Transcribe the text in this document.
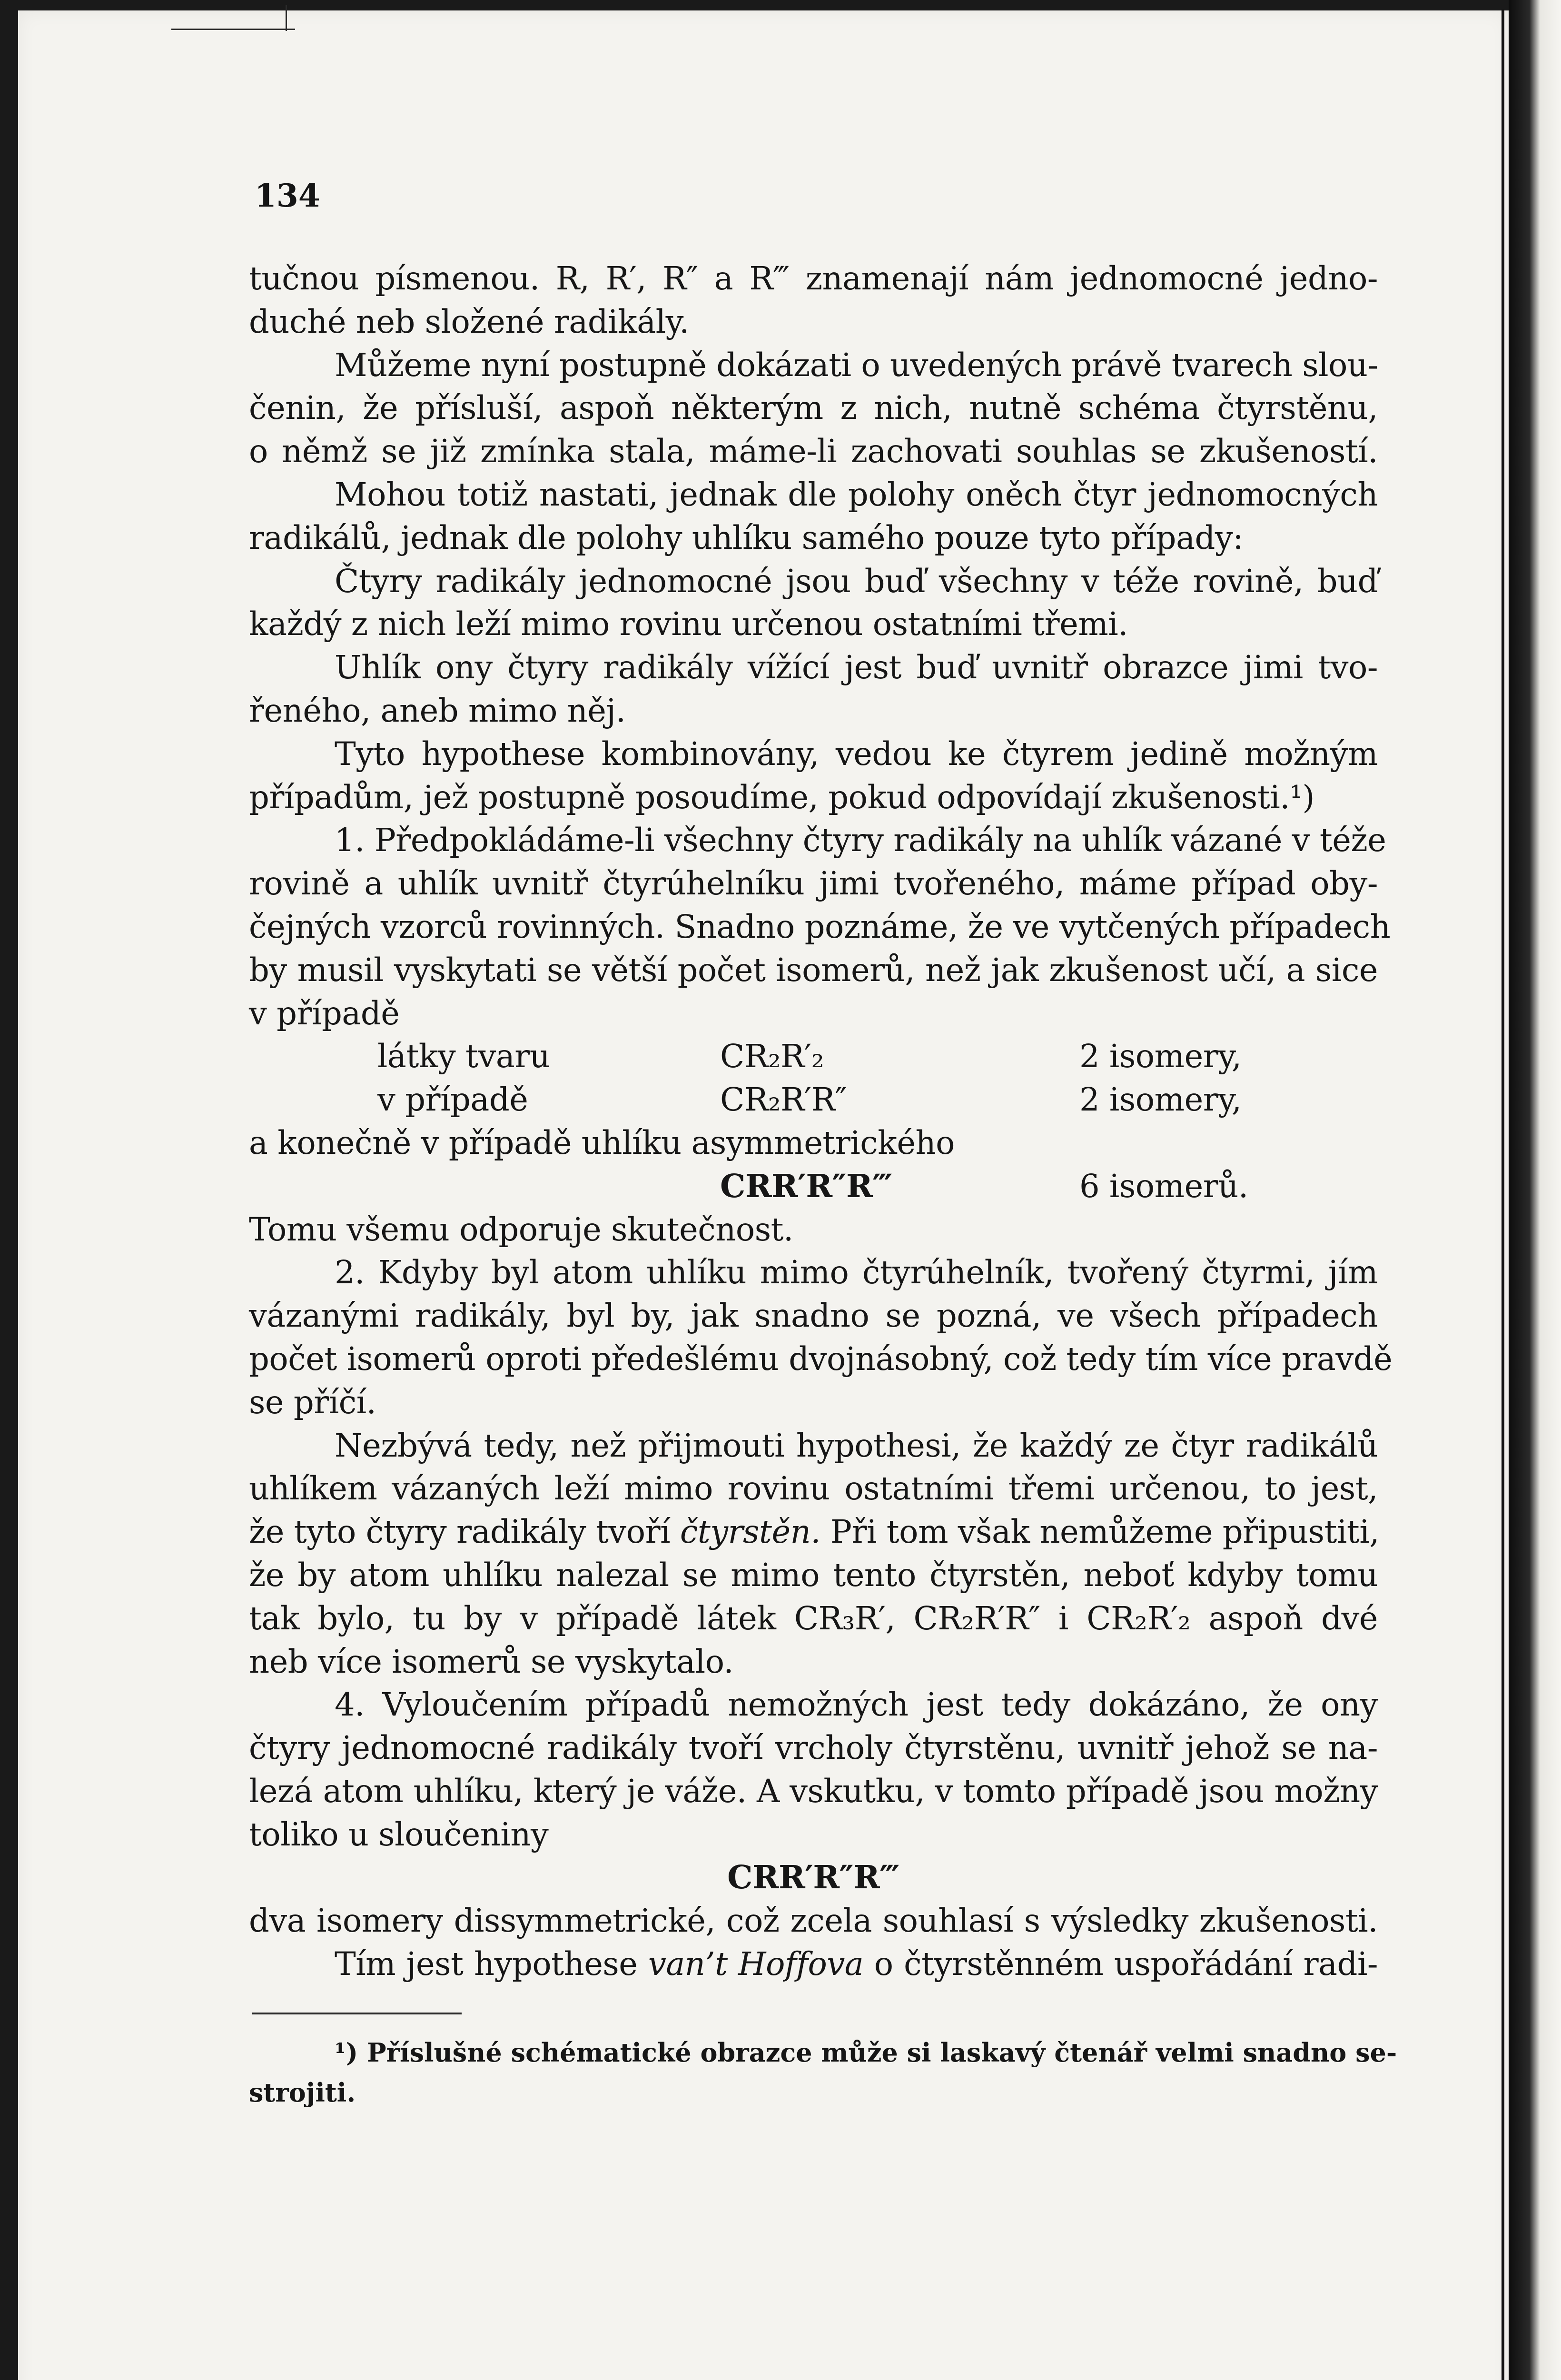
134
tučnou písmenou. R, R′, R″ a R‴ znamenají nám jednomocné jedno-
duché neb složené radikály.
Můžeme nyní postupně dokázati o uvedených právě tvarech slou-
čenin, že přísluší, aspoň některým z nich, nutně schéma čtyrstěnu,
o němž se již zmínka stala, máme-li zachovati souhlas se zkušeností.
Mohou totiž nastati, jednak dle polohy oněch čtyr jednomocných
radikálů, jednak dle polohy uhlíku samého pouze tyto případy:
Čtyry radikály jednomocné jsou buď všechny v téže rovině, buď
každý z nich leží mimo rovinu určenou ostatními třemi.
Uhlík ony čtyry radikály vížící jest buď uvnitř obrazce jimi tvo-
řeného, aneb mimo něj.
Tyto hypothese kombinovány, vedou ke čtyrem jedině možným
případům, jež postupně posoudíme, pokud odpovídají zkušenosti.¹)
1. Předpokládáme-li všechny čtyry radikály na uhlík vázané v téže
rovině a uhlík uvnitř čtyrúhelníku jimi tvořeného, máme případ oby-
čejných vzorců rovinných. Snadno poznáme, že ve vytčených případech
by musil vyskytati se větší počet isomerů, než jak zkušenost učí, a sice
v případě
látky tvaru	CR₂R′₂	2 isomery,
v případě	CR₂R′R″	2 isomery,
a konečně v případě uhlíku asymmetrického
CRR′R″R‴	6 isomerů.
Tomu všemu odporuje skutečnost.
2. Kdyby byl atom uhlíku mimo čtyrúhelník, tvořený čtyrmi, jím
vázanými radikály, byl by, jak snadno se pozná, ve všech případech
počet isomerů oproti předešlému dvojnásobný, což tedy tím více pravdě
se příčí.
Nezbývá tedy, než přijmouti hypothesi, že každý ze čtyr radikálů
uhlíkem vázaných leží mimo rovinu ostatními třemi určenou, to jest,
že tyto čtyry radikály tvoří čtyrstěn. Při tom však nemůžeme připustiti,
že by atom uhlíku nalezal se mimo tento čtyrstěn, neboť kdyby tomu
tak bylo, tu by v případě látek CR₃R′, CR₂R′R″ i CR₂R′₂ aspoň dvé
neb více isomerů se vyskytalo.
4. Vyloučením případů nemožných jest tedy dokázáno, že ony
čtyry jednomocné radikály tvoří vrcholy čtyrstěnu, uvnitř jehož se na-
lezá atom uhlíku, který je váže. A vskutku, v tomto případě jsou možny
toliko u sloučeniny
CRR′R″R‴
dva isomery dissymmetrické, což zcela souhlasí s výsledky zkušenosti.
Tím jest hypothese van’t Hoffova o čtyrstěnném uspořádání radi-
¹) Příslušné schématické obrazce může si laskavý čtenář velmi snadno se-
strojiti.
